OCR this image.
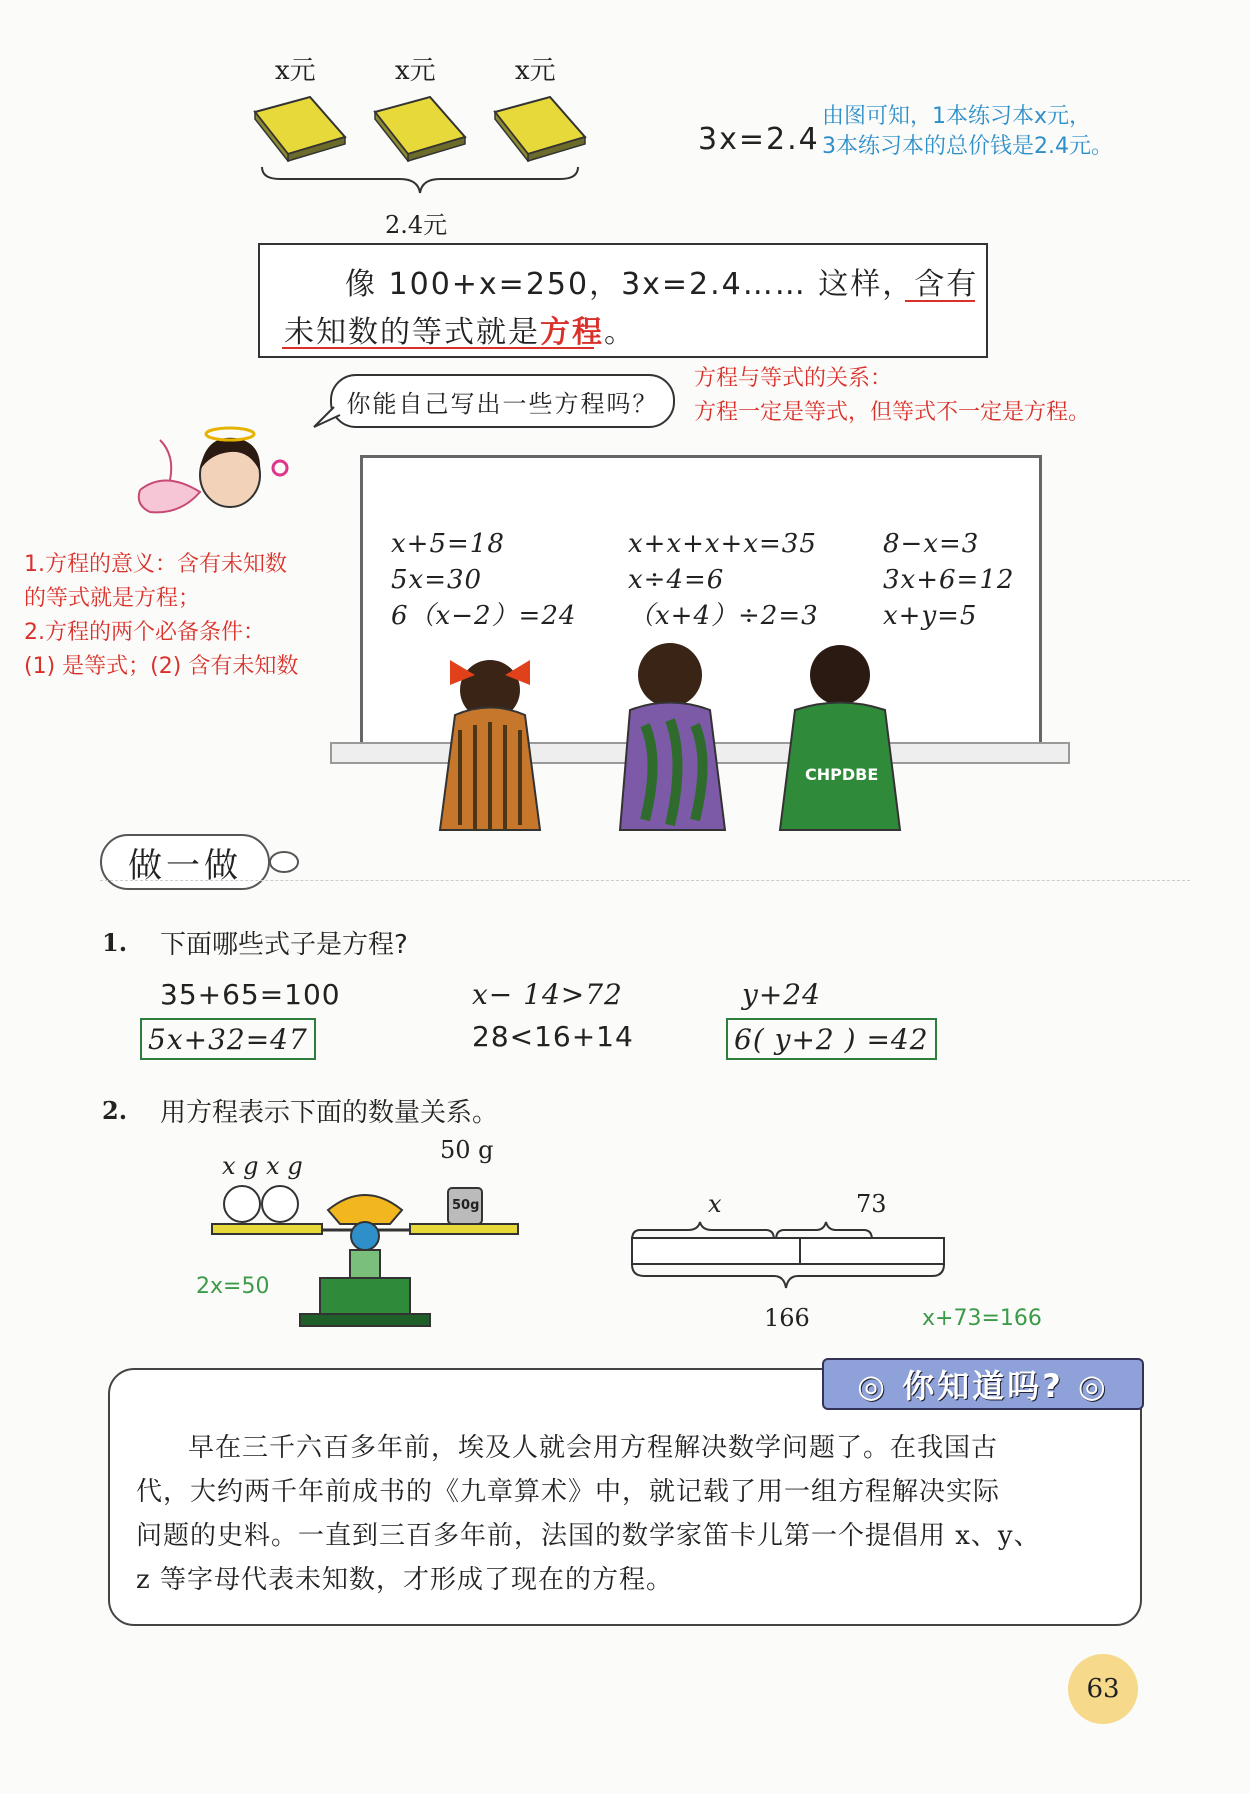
x元	x元	x元
2.4元
3x=2.4
由图可知，1本练习本x元，
3本练习本的总价钱是2.4元。
像 100+x=250，3x=2.4…… 这样，含有
未知数的等式就是方程。
你能自己写出一些方程吗？
方程与等式的关系：
方程一定是等式，但等式不一定是方程。
1.方程的意义：含有未知数
的等式就是方程；
2.方程的两个必备条件：
(1) 是等式；(2) 含有未知数
x+5=18
5x=30
6（x−2）=24
x+x+x+x=35
x÷4=6
（x+4）÷2=3
8−x=3
3x+6=12
x+y=5
CHPDBE
做一做
1. 下面哪些式子是方程?
35+65=100	x− 14>72	y+24
5x+32=47	28<16+14	6( y+2 ) =42
2. 用方程表示下面的数量关系。
x g x g
50 g
50g
2x=50
x	73
166	x+73=166
早在三千六百多年前，埃及人就会用方程解决数学问题了。在我国古
代，大约两千年前成书的《九章算术》中，就记载了用一组方程解决实际
问题的史料。一直到三百多年前，法国的数学家笛卡儿第一个提倡用 x、y、
z 等字母代表未知数，才形成了现在的方程。
◎ 你知道吗? ◎
63
